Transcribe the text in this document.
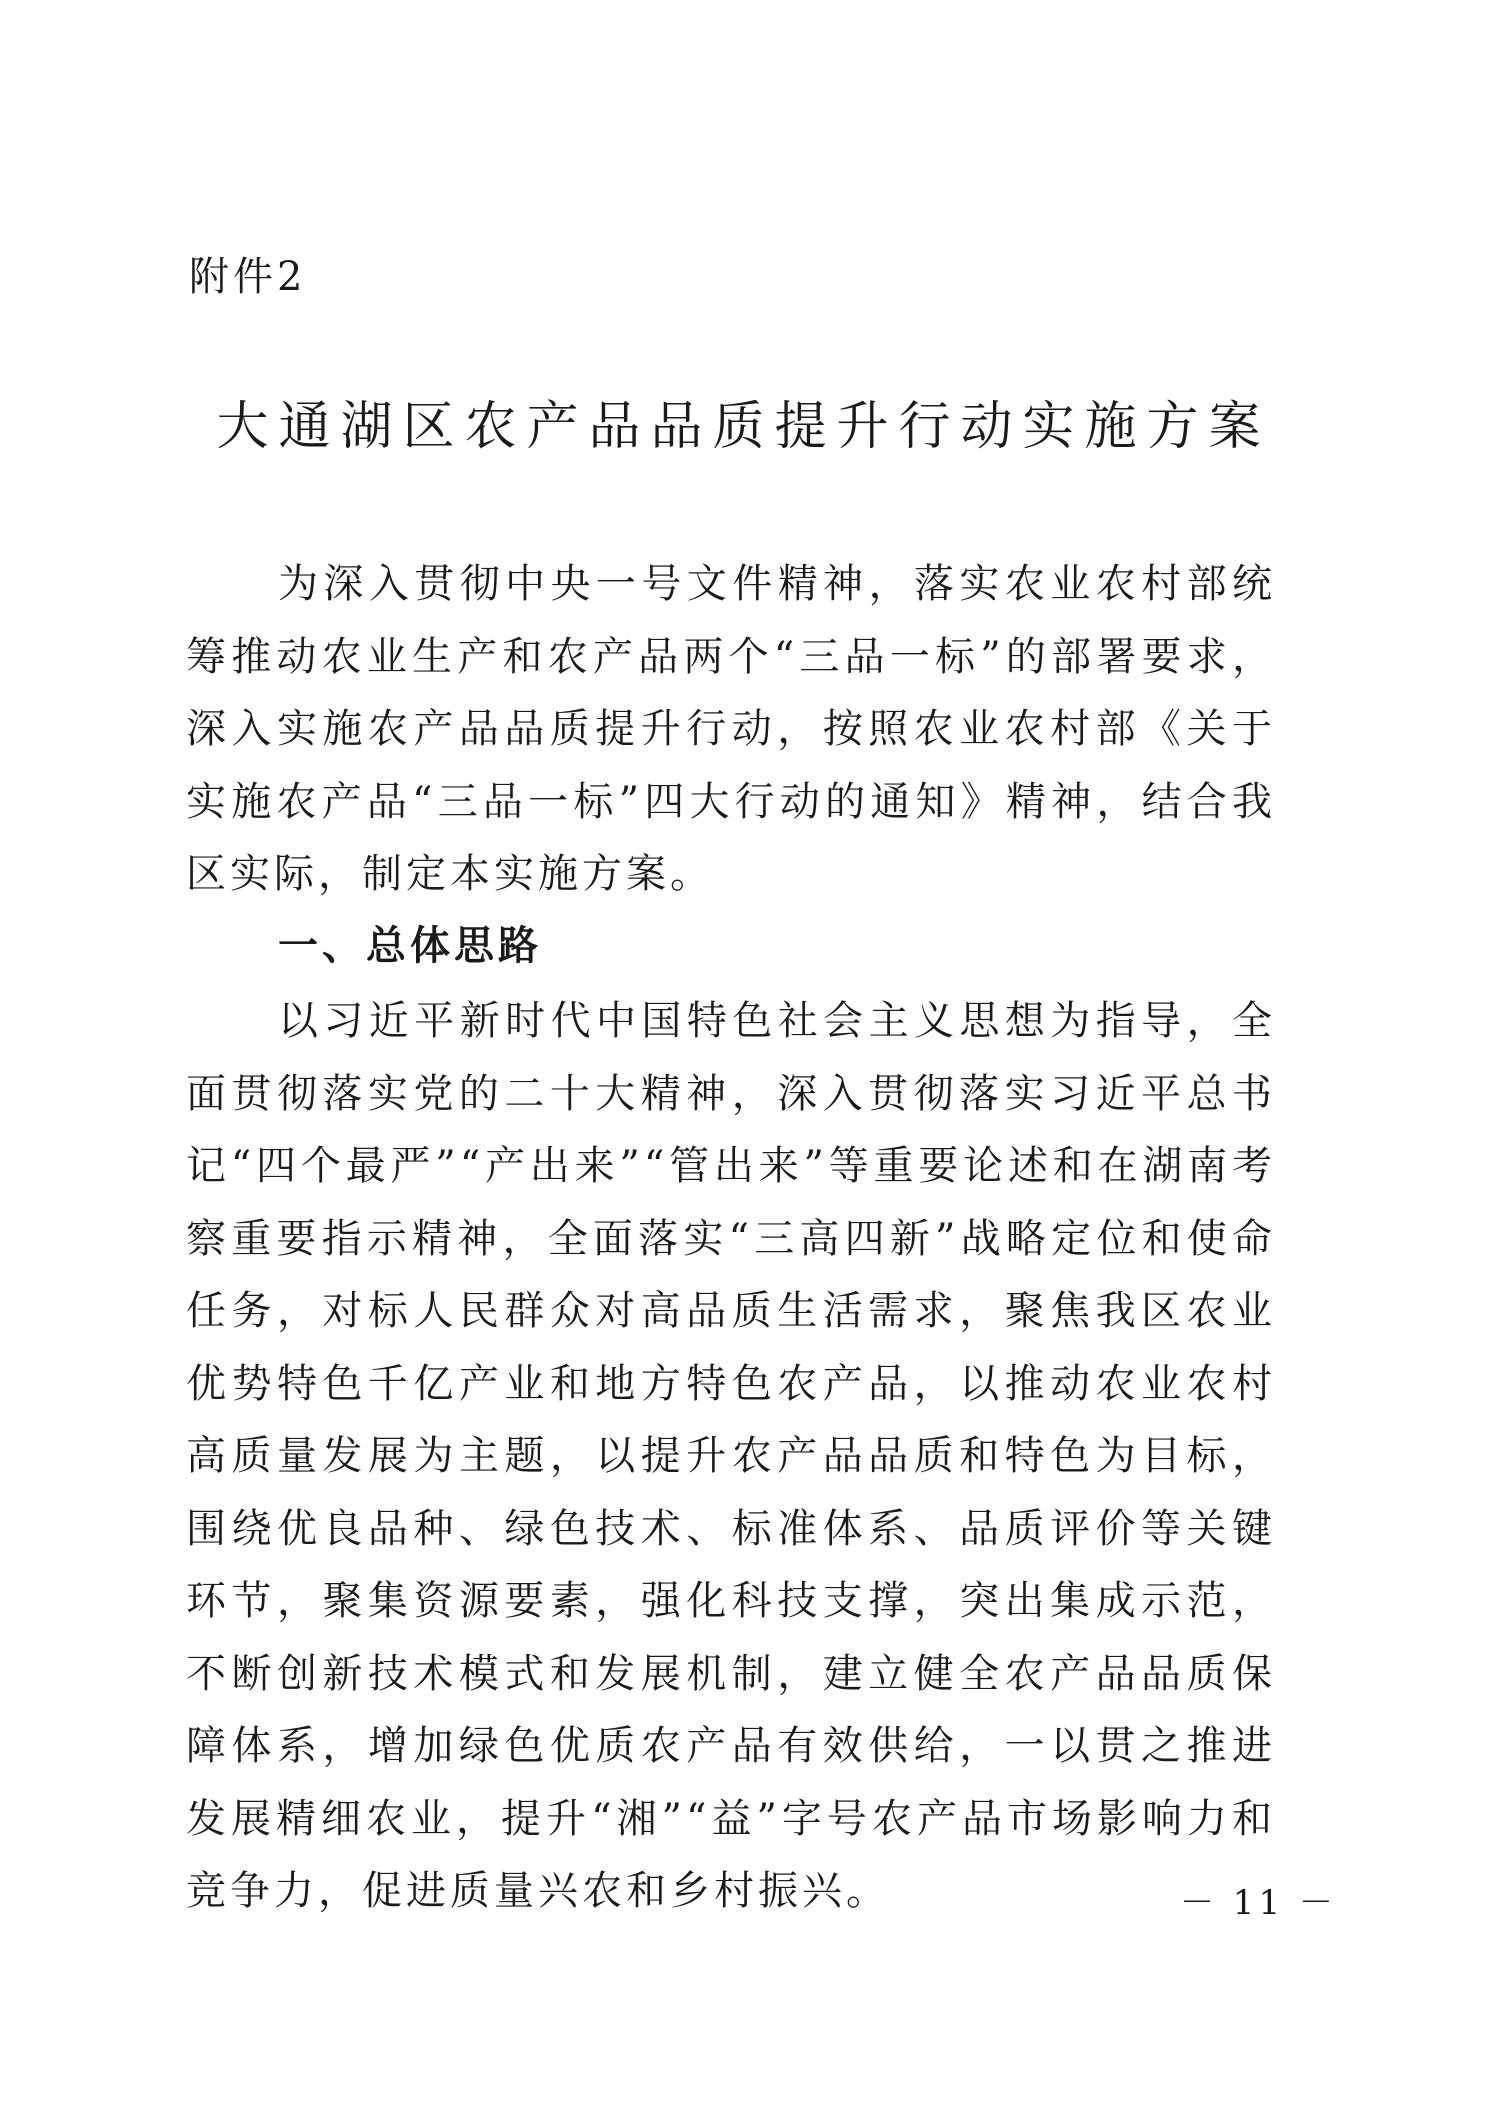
附件2
大通湖区农产品品质提升行动实施方案

为深入贯彻中央一号文件精神，落实农业农村部统筹推动农业生产和农产品两个“三品一标”的部署要求，深入实施农产品品质提升行动，按照农业农村部《关于实施农产品“三品一标”四大行动的通知》精神，结合我区实际，制定本实施方案。

一、总体思路

以习近平新时代中国特色社会主义思想为指导，全面贯彻落实党的二十大精神，深入贯彻落实习近平总书记“四个最严”“产出来”“管出来”等重要论述和在湖南考察重要指示精神，全面落实“三高四新”战略定位和使命任务，对标人民群众对高品质生活需求，聚焦我区农业优势特色千亿产业和地方特色农产品，以推动农业农村高质量发展为主题，以提升农产品品质和特色为目标，围绕优良品种、绿色技术、标准体系、品质评价等关键环节，聚集资源要素，强化科技支撑，突出集成示范，不断创新技术模式和发展机制，建立健全农产品品质保障体系，增加绿色优质农产品有效供给，一以贯之推进发展精细农业，提升“湘”“益”字号农产品市场影响力和竞争力，促进质量兴农和乡村振兴。	－ 11 －
